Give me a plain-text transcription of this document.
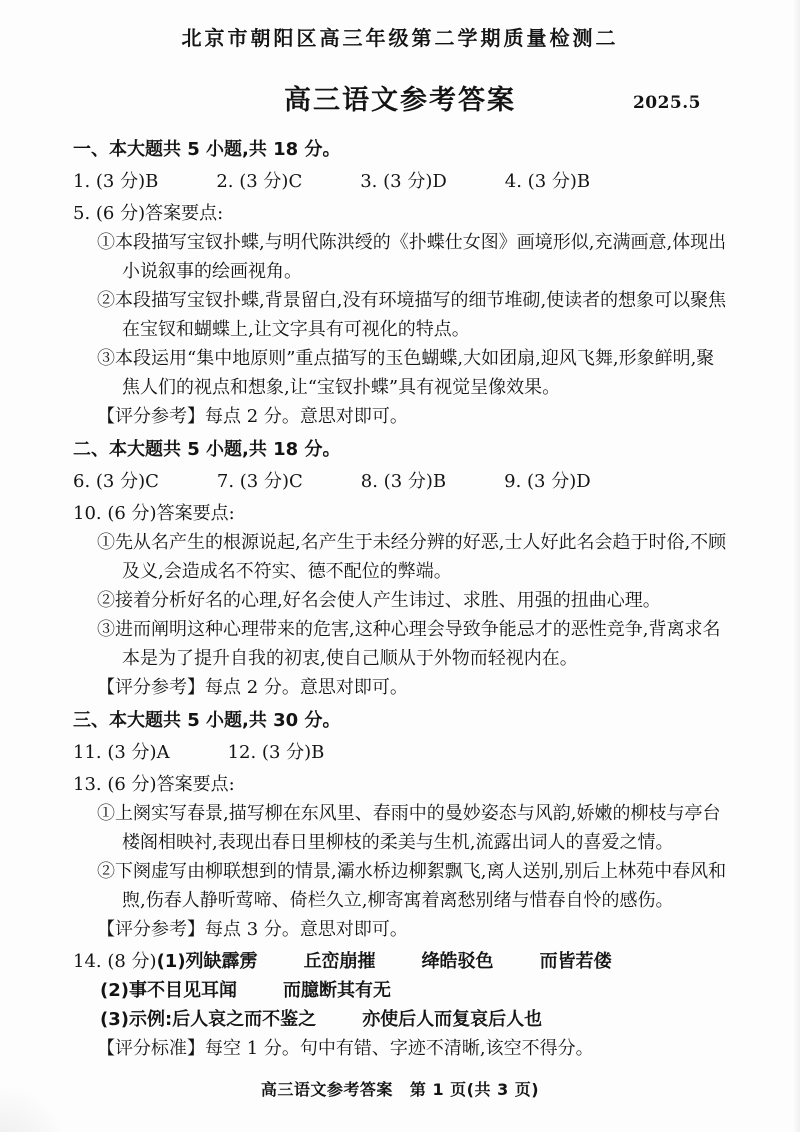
北京市朝阳区高三年级第二学期质量检测二
高三语文参考答案	2025.5
一、本大题共 5 小题,共 18 分。
1. (3 分)B	2. (3 分)C	3. (3 分)D	4. (3 分)B
5. (6 分)答案要点:
①本段描写宝钗扑蝶,与明代陈洪绶的《扑蝶仕女图》画境形似,充满画意,体现出小说叙事的绘画视角。
②本段描写宝钗扑蝶,背景留白,没有环境描写的细节堆砌,使读者的想象可以聚焦在宝钗和蝴蝶上,让文字具有可视化的特点。
③本段运用“集中地原则”重点描写的玉色蝴蝶,大如团扇,迎风飞舞,形象鲜明,聚焦人们的视点和想象,让“宝钗扑蝶”具有视觉呈像效果。
【评分参考】每点 2 分。意思对即可。
二、本大题共 5 小题,共 18 分。
6. (3 分)C	7. (3 分)C	8. (3 分)B	9. (3 分)D
10. (6 分)答案要点:
①先从名产生的根源说起,名产生于未经分辨的好恶,士人好此名会趋于时俗,不顾及义,会造成名不符实、德不配位的弊端。
②接着分析好名的心理,好名会使人产生讳过、求胜、用强的扭曲心理。
③进而阐明这种心理带来的危害,这种心理会导致争能忌才的恶性竞争,背离求名本是为了提升自我的初衷,使自己顺从于外物而轻视内在。
【评分参考】每点 2 分。意思对即可。
三、本大题共 5 小题,共 30 分。
11. (3 分)A	12. (3 分)B
13. (6 分)答案要点:
①上阕实写春景,描写柳在东风里、春雨中的曼妙姿态与风韵,娇嫩的柳枝与亭台楼阁相映衬,表现出春日里柳枝的柔美与生机,流露出词人的喜爱之情。
②下阕虚写由柳联想到的情景,灞水桥边柳絮飘飞,离人送别,别后上林苑中春风和煦,伤春人静听莺啼、倚栏久立,柳寄寓着离愁别绪与惜春自怜的感伤。
【评分参考】每点 3 分。意思对即可。
14. (8 分) (1)列缺霹雳	丘峦崩摧	绛皓驳色	而皆若偻
(2)事不目见耳闻	而臆断其有无
(3)示例:后人哀之而不鉴之	亦使后人而复哀后人也
【评分标准】每空 1 分。句中有错、字迹不清晰,该空不得分。
高三语文参考答案 第 1 页(共 3 页)
